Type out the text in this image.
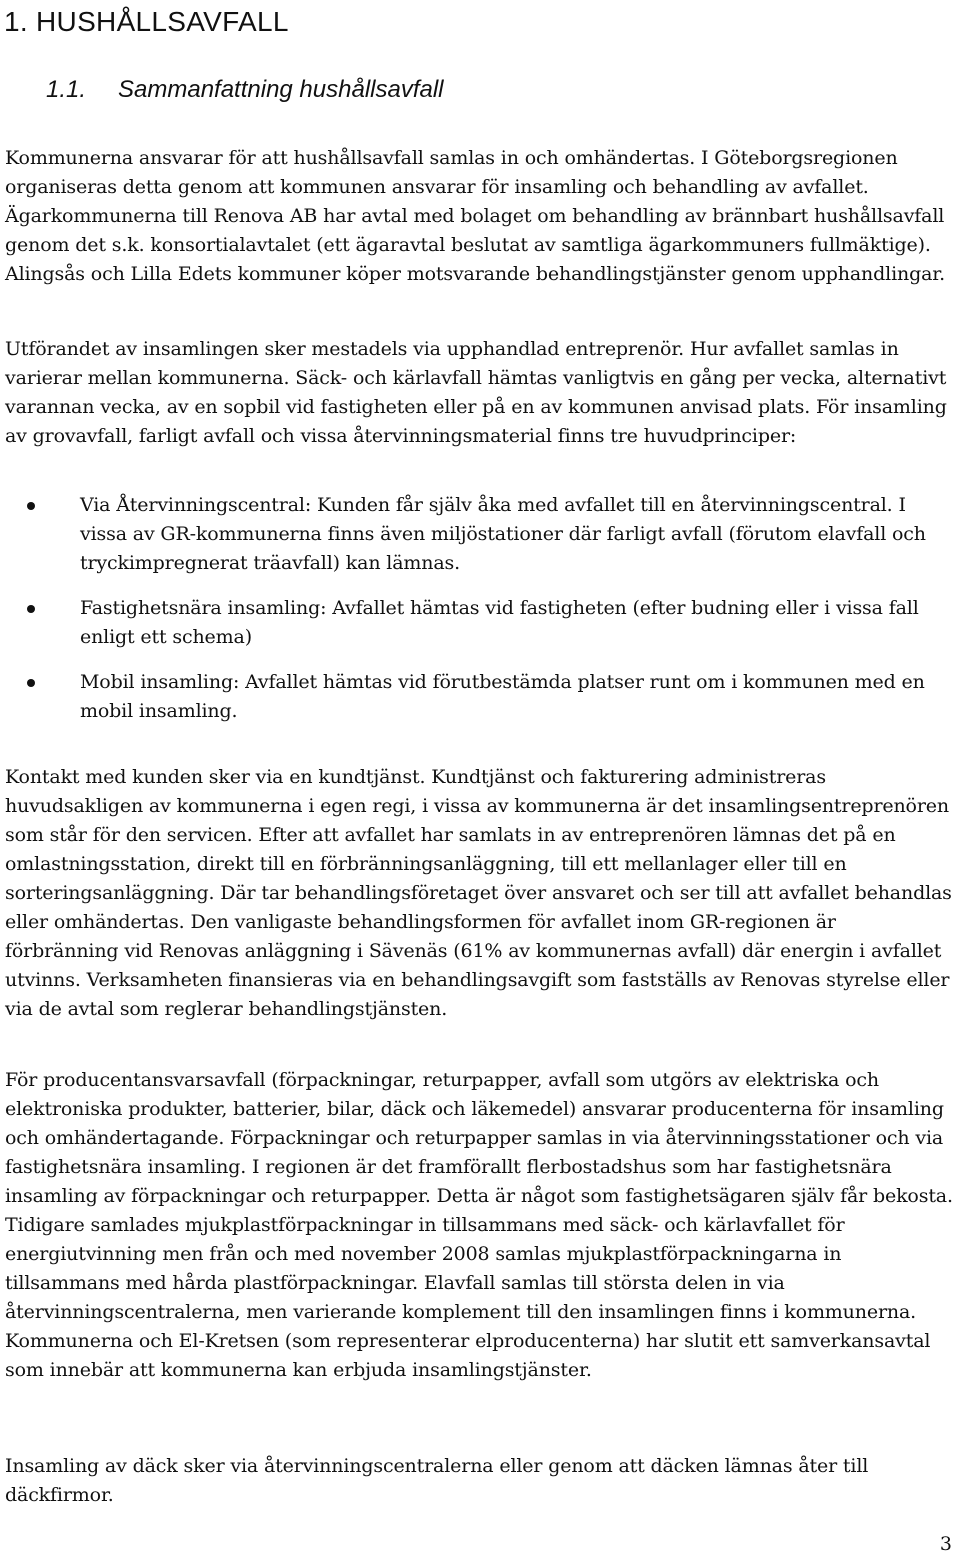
1. HUSHÅLLSAVFALL
1.1. Sammanfattning hushållsavfall

Kommunerna ansvarar för att hushållsavfall samlas in och omhändertas. I Göteborgsregionen organiseras detta genom att kommunen ansvarar för insamling och behandling av avfallet. Ägarkommunerna till Renova AB har avtal med bolaget om behandling av brännbart hushållsavfall genom det s.k. konsortialavtalet (ett ägaravtal beslutat av samtliga ägarkommuners fullmäktige). Alingsås och Lilla Edets kommuner köper motsvarande behandlingstjänster genom upphandlingar.

Utförandet av insamlingen sker mestadels via upphandlad entreprenör. Hur avfallet samlas in varierar mellan kommunerna. Säck- och kärlavfall hämtas vanligtvis en gång per vecka, alternativt varannan vecka, av en sopbil vid fastigheten eller på en av kommunen anvisad plats. För insamling av grovavfall, farligt avfall och vissa återvinningsmaterial finns tre huvudprinciper:

Via Återvinningscentral: Kunden får själv åka med avfallet till en återvinningscentral. I vissa av GR-kommunerna finns även miljöstationer där farligt avfall (förutom elavfall och tryckimpregnerat träavfall) kan lämnas.
Fastighetsnära insamling: Avfallet hämtas vid fastigheten (efter budning eller i vissa fall enligt ett schema)
Mobil insamling: Avfallet hämtas vid förutbestämda platser runt om i kommunen med en mobil insamling.

Kontakt med kunden sker via en kundtjänst. Kundtjänst och fakturering administreras huvudsakligen av kommunerna i egen regi, i vissa av kommunerna är det insamlingsentreprenören som står för den servicen. Efter att avfallet har samlats in av entreprenören lämnas det på en omlastningsstation, direkt till en förbränningsanläggning, till ett mellanlager eller till en sorteringsanläggning. Där tar behandlingsföretaget över ansvaret och ser till att avfallet behandlas eller omhändertas. Den vanligaste behandlingsformen för avfallet inom GR-regionen är förbränning vid Renovas anläggning i Sävenäs (61% av kommunernas avfall) där energin i avfallet utvinns. Verksamheten finansieras via en behandlingsavgift som fastställs av Renovas styrelse eller via de avtal som reglerar behandlingstjänsten.

För producentansvarsavfall (förpackningar, returpapper, avfall som utgörs av elektriska och elektroniska produkter, batterier, bilar, däck och läkemedel) ansvarar producenterna för insamling och omhändertagande. Förpackningar och returpapper samlas in via återvinningsstationer och via fastighetsnära insamling. I regionen är det framförallt flerbostadshus som har fastighetsnära insamling av förpackningar och returpapper. Detta är något som fastighetsägaren själv får bekosta. Tidigare samlades mjukplastförpackningar in tillsammans med säck- och kärlavfallet för energiutvinning men från och med november 2008 samlas mjukplastförpackningarna in tillsammans med hårda plastförpackningar. Elavfall samlas till största delen in via återvinningscentralerna, men varierande komplement till den insamlingen finns i kommunerna. Kommunerna och El-Kretsen (som representerar elproducenterna) har slutit ett samverkansavtal som innebär att kommunerna kan erbjuda insamlingstjänster.

Insamling av däck sker via återvinningscentralerna eller genom att däcken lämnas åter till däckfirmor.

3
